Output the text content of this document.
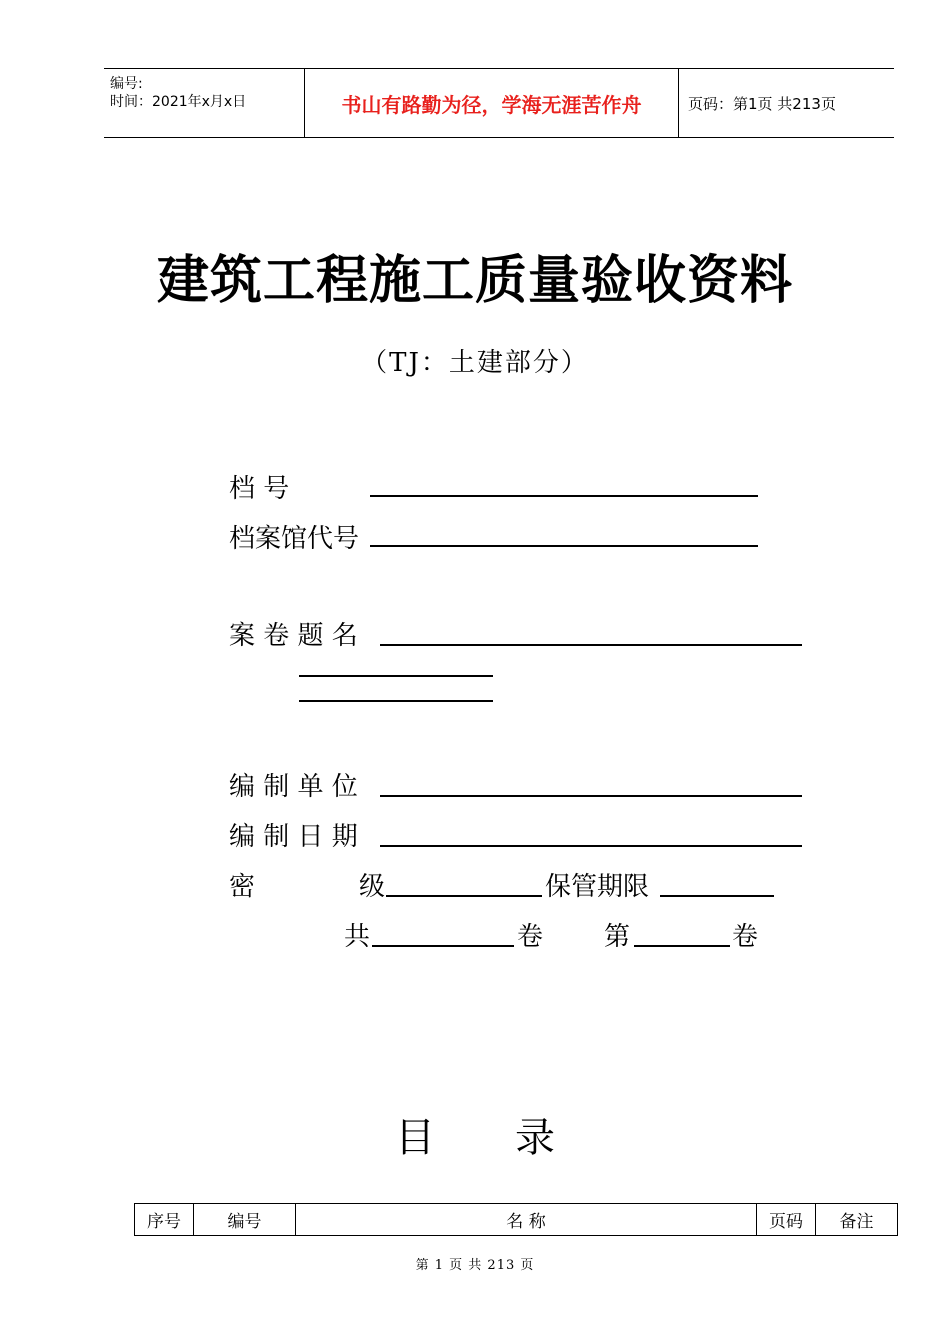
编号:
时间：2021年x月x日	书山有路勤为径，学海无涯苦作舟	页码：第1页 共213页
建筑工程施工质量验收资料
（TJ：土建部分）
档 号
档案馆代号
案 卷 题 名
编 制 单 位
编 制 日 期
密	级	保管期限
共	卷 第	卷
目 录
序号	编号	名 称	页码	备注
第 1 页 共 213 页
